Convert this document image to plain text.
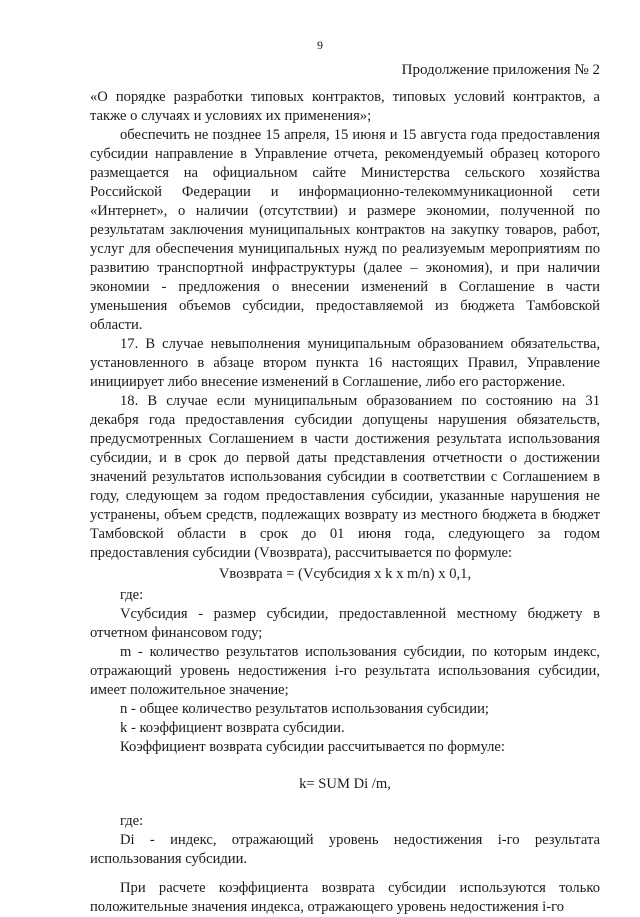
9
Продолжение приложения № 2

«О порядке разработки типовых контрактов, типовых условий контрактов, а также о случаях и условиях их применения»;

обеспечить не позднее 15 апреля, 15 июня и 15 августа года предоставления субсидии направление в Управление отчета, рекомендуемый образец которого размещается на официальном сайте Министерства сельского хозяйства Российской Федерации и информационно-телекоммуникационной сети «Интернет», о наличии (отсутствии) и размере экономии, полученной по результатам заключения муниципальных контрактов на закупку товаров, работ, услуг для обеспечения муниципальных нужд по реализуемым мероприятиям по развитию транспортной инфраструктуры (далее – экономия), и при наличии экономии - предложения о внесении изменений в Соглашение в части уменьшения объемов субсидии, предоставляемой из бюджета Тамбовской области.

17. В случае невыполнения муниципальным образованием обязательства, установленного в абзаце втором пункта 16 настоящих Правил, Управление инициирует либо внесение изменений в Соглашение, либо его расторжение.

18. В случае если муниципальным образованием по состоянию на 31 декабря года предоставления субсидии допущены нарушения обязательств, предусмотренных Соглашением в части достижения результата использования субсидии, и в срок до первой даты представления отчетности о достижении значений результатов использования субсидии в соответствии с Соглашением в году, следующем за годом предоставления субсидии, указанные нарушения не устранены, объем средств, подлежащих возврату из местного бюджета в бюджет Тамбовской области в срок до 01 июня года, следующего за годом предоставления субсидии (Vвозврата), рассчитывается по формуле:

Vвозврата = (Vсубсидия x k x m/n) x 0,1,

где:

Vсубсидия - размер субсидии, предоставленной местному бюджету в отчетном финансовом году;

m - количество результатов использования субсидии, по которым индекс, отражающий уровень недостижения i-го результата использования субсидии, имеет положительное значение;

n - общее количество результатов использования субсидии;

k - коэффициент возврата субсидии.

Коэффициент возврата субсидии рассчитывается по формуле:

k= SUM Di /m,

где:

Di - индекс, отражающий уровень недостижения i-го результата использования субсидии.

При расчете коэффициента возврата субсидии используются только положительные значения индекса, отражающего уровень недостижения i-го
